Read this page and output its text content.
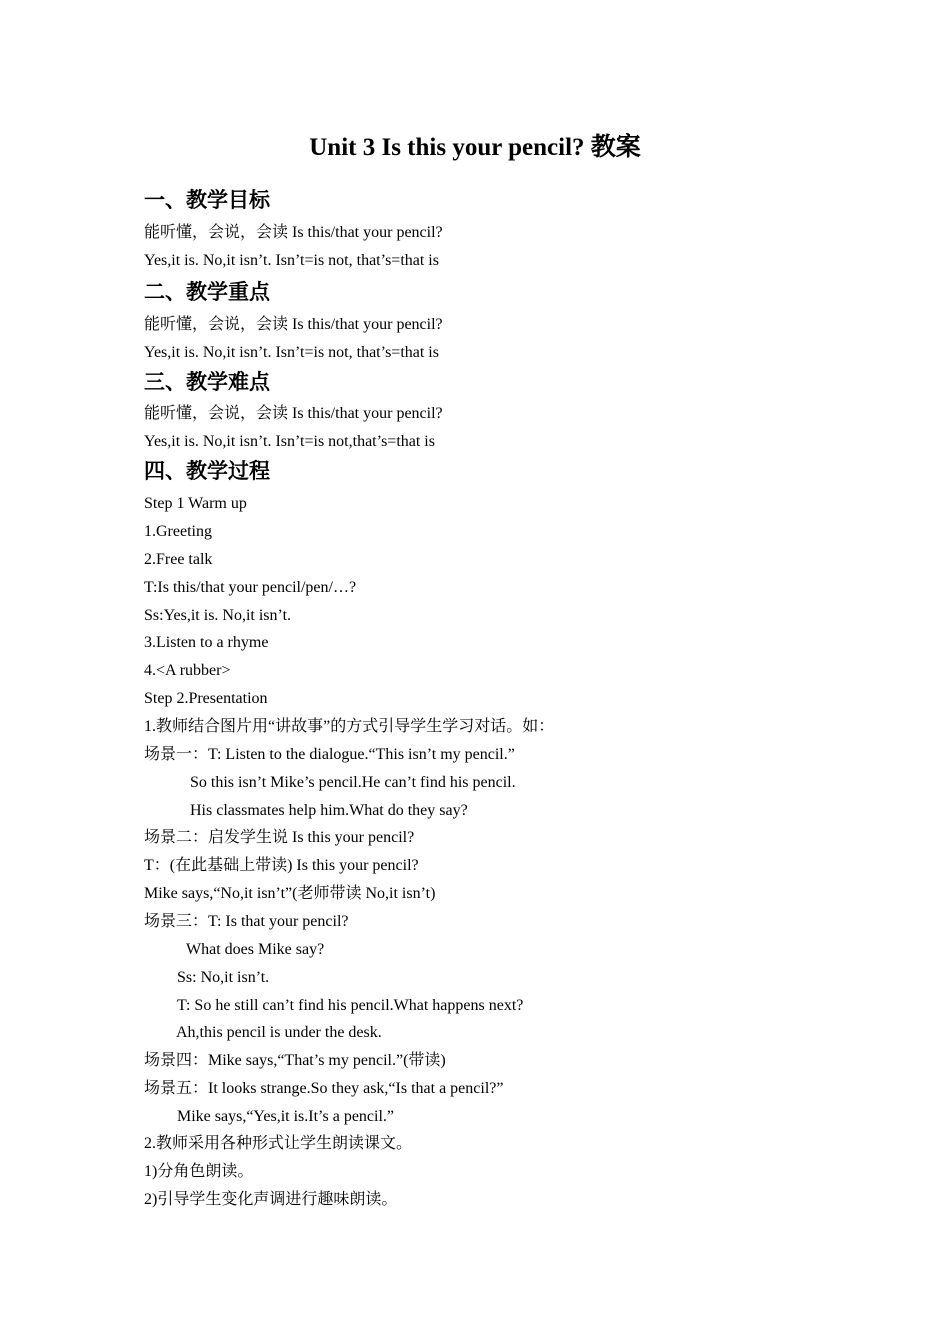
Unit 3 Is this your pencil? 教案
一、教学目标
能听懂，会说，会读 Is this/that your pencil?
Yes,it is. No,it isn’t. Isn’t=is not, that’s=that is
二、教学重点
能听懂，会说，会读 Is this/that your pencil?
Yes,it is. No,it isn’t. Isn’t=is not, that’s=that is
三、教学难点
能听懂，会说，会读 Is this/that your pencil?
Yes,it is. No,it isn’t. Isn’t=is not,that’s=that is
四、教学过程
Step 1 Warm up
1.Greeting
2.Free talk
T:Is this/that your pencil/pen/…?
Ss:Yes,it is. No,it isn’t.
3.Listen to a rhyme
4.<A rubber>
Step 2.Presentation
1.教师结合图片用“讲故事”的方式引导学生学习对话。如：
场景一：T: Listen to the dialogue.“This isn’t my pencil.”
So this isn’t Mike’s pencil.He can’t find his pencil.
His classmates help him.What do they say?
场景二：启发学生说 Is this your pencil?
T：(在此基础上带读) Is this your pencil?
Mike says,“No,it isn’t”(老师带读 No,it isn’t)
场景三：T: Is that your pencil?
What does Mike say?
Ss: No,it isn’t.
T: So he still can’t find his pencil.What happens next?
Ah,this pencil is under the desk.
场景四：Mike says,“That’s my pencil.”(带读)
场景五：It looks strange.So they ask,“Is that a pencil?”
Mike says,“Yes,it is.It’s a pencil.”
2.教师采用各种形式让学生朗读课文。
1)分角色朗读。
2)引导学生变化声调进行趣味朗读。
